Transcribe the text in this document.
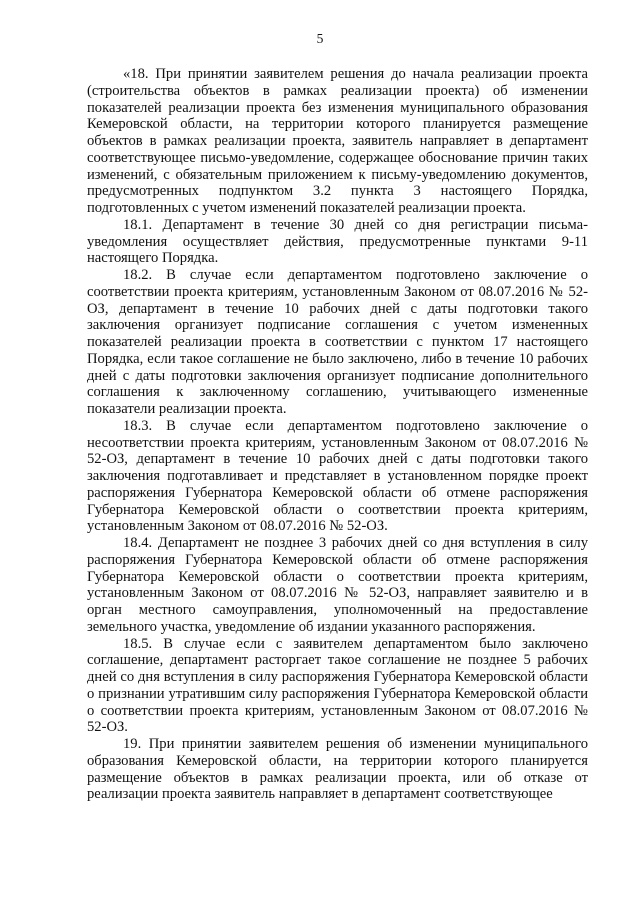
5

«18. При принятии заявителем решения до начала реализации проекта (строительства объектов в рамках реализации проекта) об изменении показателей реализации проекта без изменения муниципального образования Кемеровской области, на территории которого планируется размещение объектов в рамках реализации проекта, заявитель направляет в департамент соответствующее письмо-уведомление, содержащее обоснование причин таких изменений, с обязательным приложением к письму-уведомлению документов, предусмотренных подпунктом 3.2 пункта 3 настоящего Порядка, подготовленных с учетом изменений показателей реализации проекта.

18.1. Департамент в течение 30 дней со дня регистрации письма-уведомления осуществляет действия, предусмотренные пунктами 9-11 настоящего Порядка.

18.2. В случае если департаментом подготовлено заключение о соответствии проекта критериям, установленным Законом от 08.07.2016 № 52-ОЗ, департамент в течение 10 рабочих дней с даты подготовки такого заключения организует подписание соглашения с учетом измененных показателей реализации проекта в соответствии с пунктом 17 настоящего Порядка, если такое соглашение не было заключено, либо в течение 10 рабочих дней с даты подготовки заключения организует подписание дополнительного соглашения к заключенному соглашению, учитывающего измененные показатели реализации проекта.

18.3. В случае если департаментом подготовлено заключение о несоответствии проекта критериям, установленным Законом от 08.07.2016 № 52-ОЗ, департамент в течение 10 рабочих дней с даты подготовки такого заключения подготавливает и представляет в установленном порядке проект распоряжения Губернатора Кемеровской области об отмене распоряжения Губернатора Кемеровской области о соответствии проекта критериям, установленным Законом от 08.07.2016 № 52-ОЗ.

18.4. Департамент не позднее 3 рабочих дней со дня вступления в силу распоряжения Губернатора Кемеровской области об отмене распоряжения Губернатора Кемеровской области о соответствии проекта критериям, установленным Законом от 08.07.2016 № 52-ОЗ, направляет заявителю и в орган местного самоуправления, уполномоченный на предоставление земельного участка, уведомление об издании указанного распоряжения.

18.5. В случае если с заявителем департаментом было заключено соглашение, департамент расторгает такое соглашение не позднее 5 рабочих дней со дня вступления в силу распоряжения Губернатора Кемеровской области о признании утратившим силу распоряжения Губернатора Кемеровской области о соответствии проекта критериям, установленным Законом от 08.07.2016 № 52-ОЗ.

19. При принятии заявителем решения об изменении муниципального образования Кемеровской области, на территории которого планируется размещение объектов в рамках реализации проекта, или об отказе от реализации проекта заявитель направляет в департамент соответствующее
